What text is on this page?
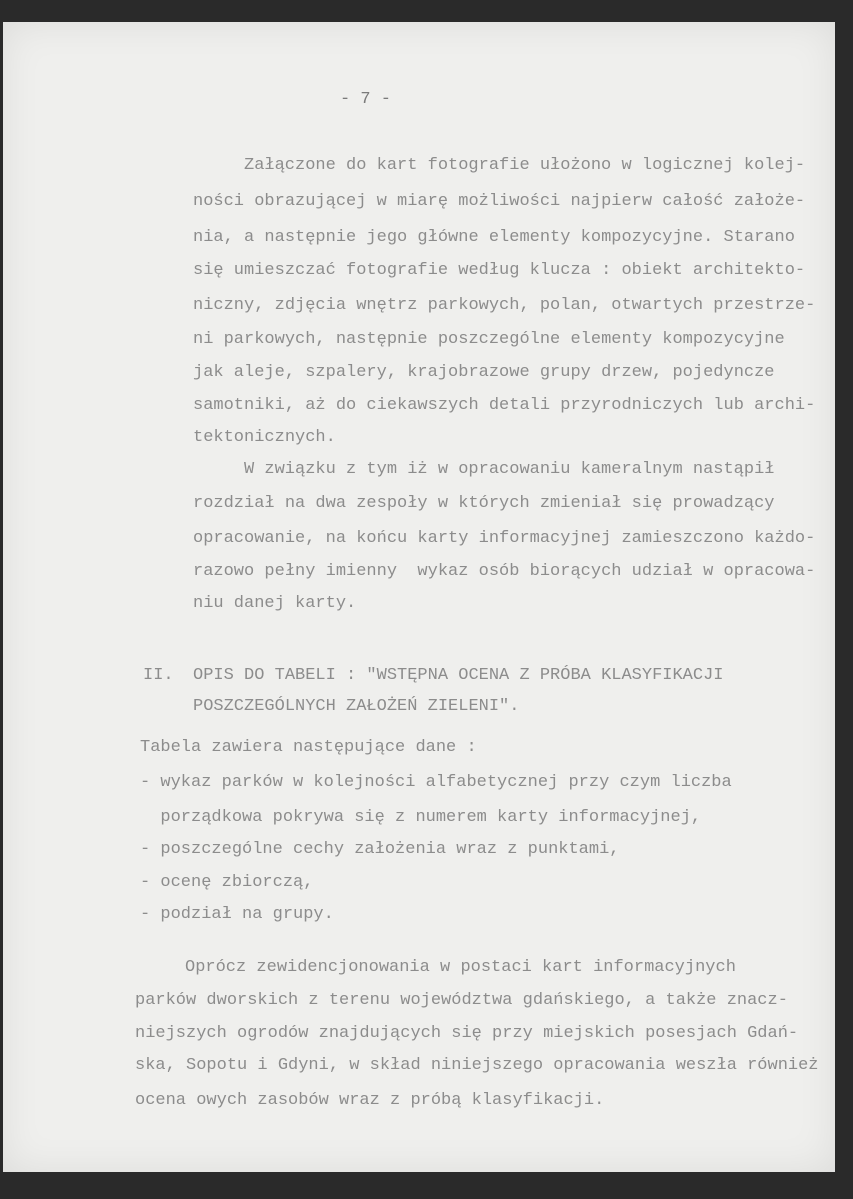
- 7 -
Załączone do kart fotografie ułożono w logicznej kolej-
ności obrazującej w miarę możliwości najpierw całość założe-
nia, a następnie jego główne elementy kompozycyjne. Starano
się umieszczać fotografie według klucza : obiekt architekto-
niczny, zdjęcia wnętrz parkowych, polan, otwartych przestrze-
ni parkowych, następnie poszczególne elementy kompozycyjne
jak aleje, szpalery, krajobrazowe grupy drzew, pojedyncze
samotniki, aż do ciekawszych detali przyrodniczych lub archi-
tektonicznych.
W związku z tym iż w opracowaniu kameralnym nastąpił
rozdział na dwa zespoły w których zmieniał się prowadzący
opracowanie, na końcu karty informacyjnej zamieszczono każdo-
razowo pełny imienny  wykaz osób biorących udział w opracowa-
niu danej karty.
II. OPIS DO TABELI : "WSTĘPNA OCENA Z PRÓBA KLASYFIKACJI
POSZCZEGÓLNYCH ZAŁOŻEŃ ZIELENI".
Tabela zawiera następujące dane :
- wykaz parków w kolejności alfabetycznej przy czym liczba
porządkowa pokrywa się z numerem karty informacyjnej,
- poszczególne cechy założenia wraz z punktami,
- ocenę zbiorczą,
- podział na grupy.
Oprócz zewidencjonowania w postaci kart informacyjnych
parków dworskich z terenu województwa gdańskiego, a także znacz-
niejszych ogrodów znajdujących się przy miejskich posesjach Gdań-
ska, Sopotu i Gdyni, w skład niniejszego opracowania weszła również
ocena owych zasobów wraz z próbą klasyfikacji.
